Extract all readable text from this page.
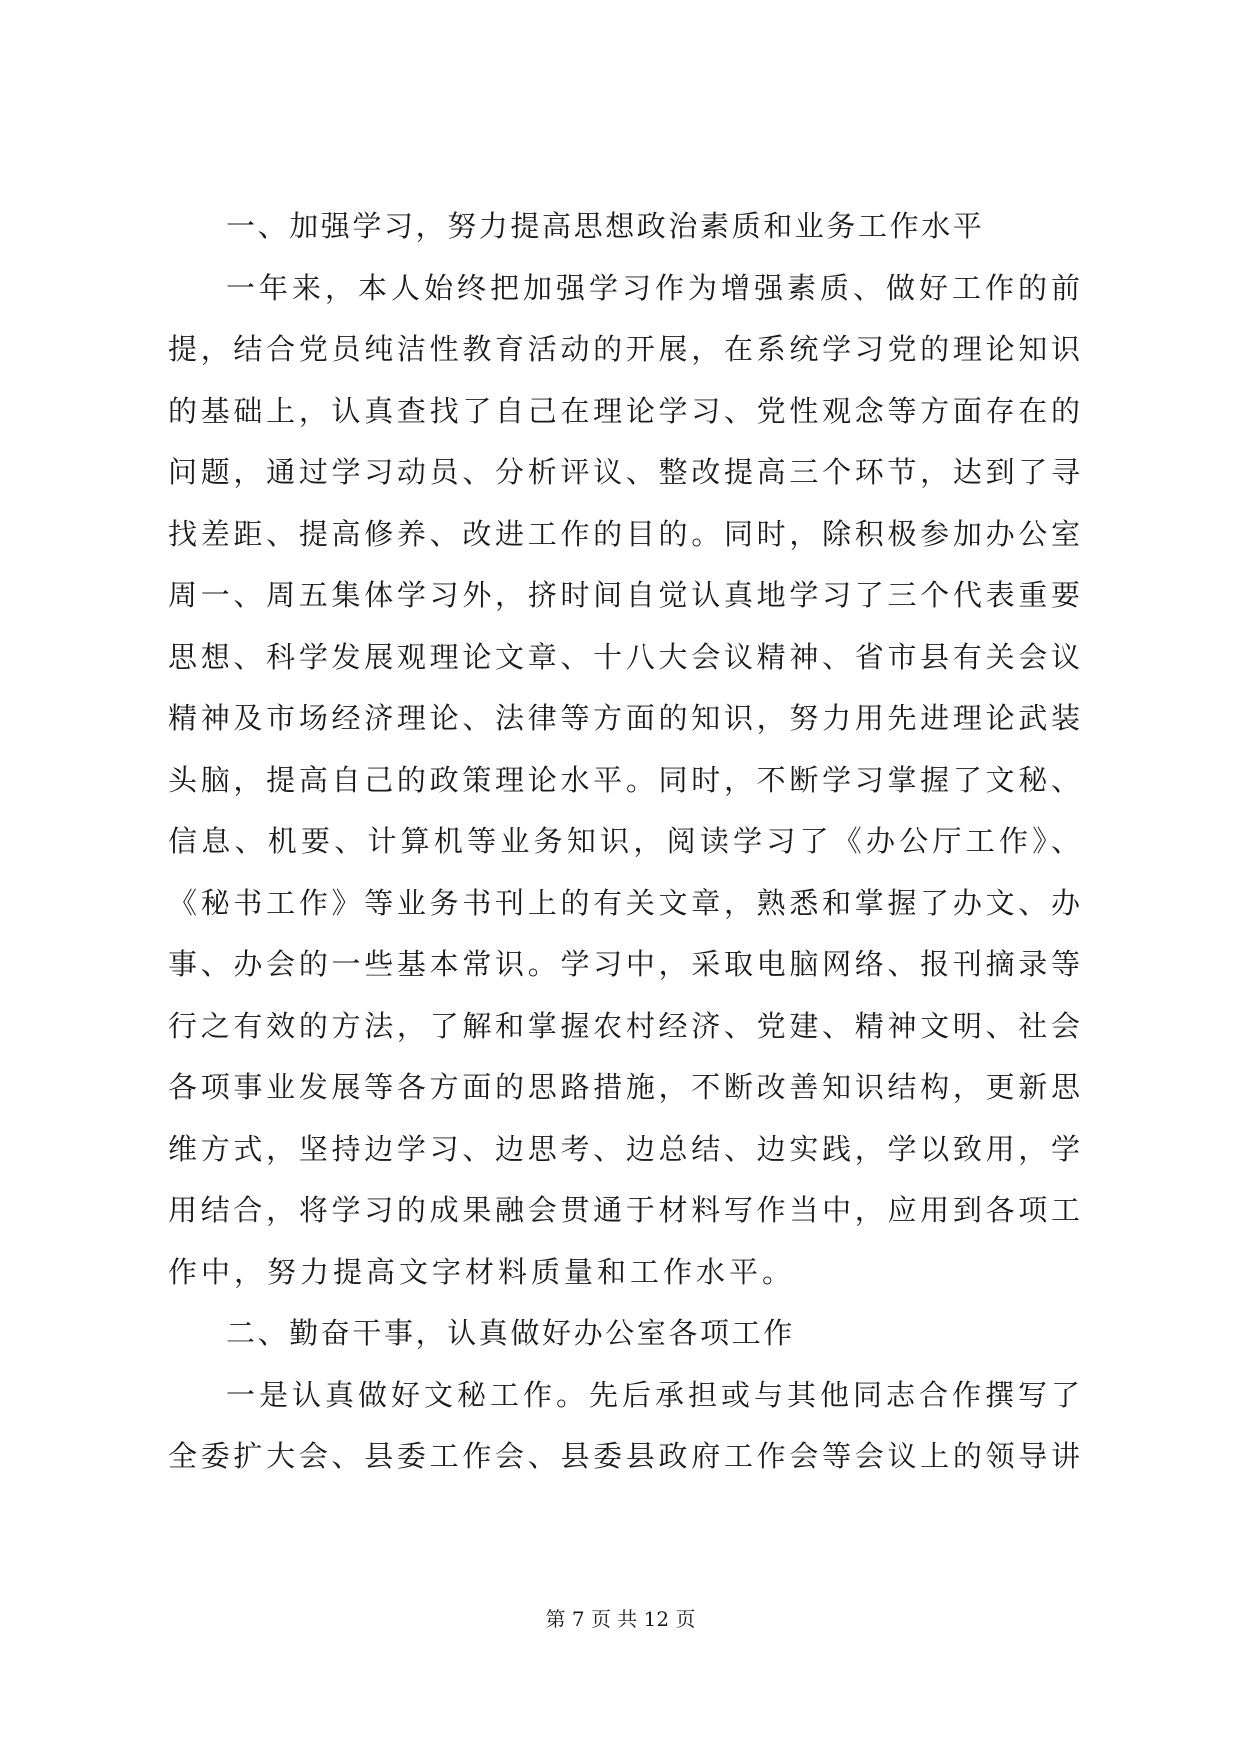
一、加强学习，努力提高思想政治素质和业务工作水平
一年来，本人始终把加强学习作为增强素质、做好工作的前
提，结合党员纯洁性教育活动的开展，在系统学习党的理论知识
的基础上，认真查找了自己在理论学习、党性观念等方面存在的
问题，通过学习动员、分析评议、整改提高三个环节，达到了寻
找差距、提高修养、改进工作的目的。同时，除积极参加办公室
周一、周五集体学习外，挤时间自觉认真地学习了三个代表重要
思想、科学发展观理论文章、十八大会议精神、省市县有关会议
精神及市场经济理论、法律等方面的知识，努力用先进理论武装
头脑，提高自己的政策理论水平。同时，不断学习掌握了文秘、
信息、机要、计算机等业务知识，阅读学习了《办公厅工作》、
《秘书工作》等业务书刊上的有关文章，熟悉和掌握了办文、办
事、办会的一些基本常识。学习中，采取电脑网络、报刊摘录等
行之有效的方法，了解和掌握农村经济、党建、精神文明、社会
各项事业发展等各方面的思路措施，不断改善知识结构，更新思
维方式，坚持边学习、边思考、边总结、边实践，学以致用，学
用结合，将学习的成果融会贯通于材料写作当中，应用到各项工
作中，努力提高文字材料质量和工作水平。
二、勤奋干事，认真做好办公室各项工作
一是认真做好文秘工作。先后承担或与其他同志合作撰写了
全委扩大会、县委工作会、县委县政府工作会等会议上的领导讲
第 7 页 共 12 页
